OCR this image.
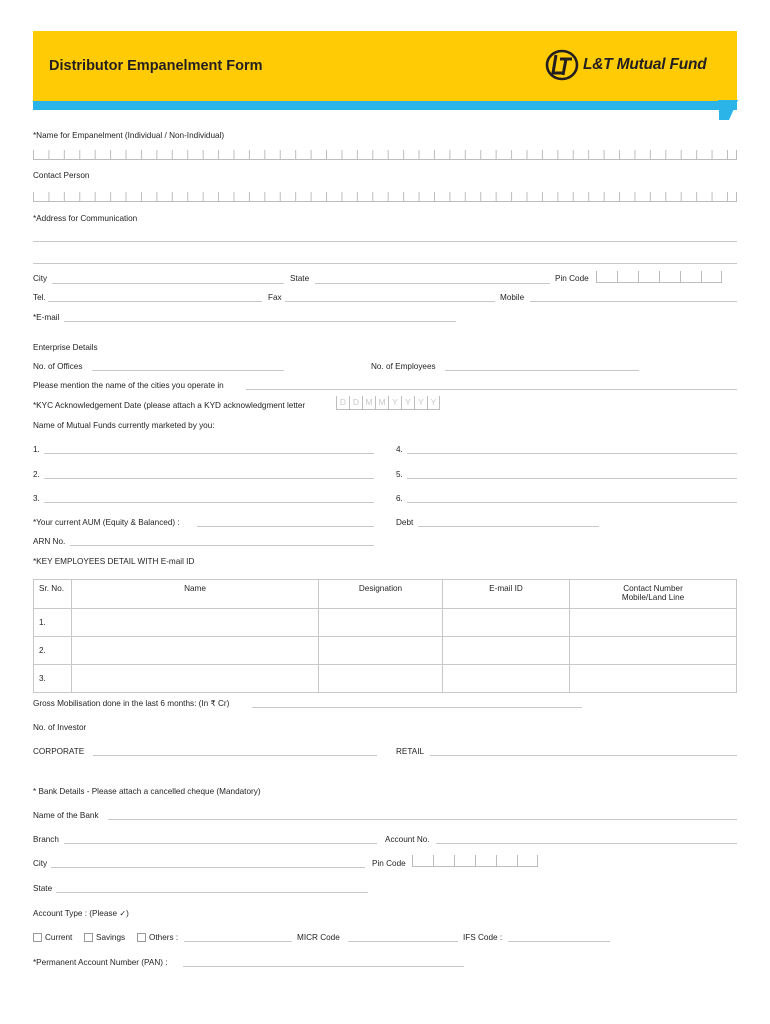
Distributor Empanelment Form	L&T Mutual Fund
*Name for Empanelment (Individual / Non-Individual)
Contact Person
*Address for Communication
City	State	Pin Code
Tel.	Fax	Mobile
*E-mail
Enterprise Details
No. of Offices	No. of Employees
Please mention the name of the cities you operate in
*KYC Acknowledgement Date (please attach a KYD acknowledgment letter	D D M M Y Y Y Y
Name of Mutual Funds currently marketed by you:
1.	4.
2.	5.
3.	6.
*Your current AUM (Equity & Balanced) :	Debt
ARN No.
*KEY EMPLOYEES DETAIL WITH E-mail ID
Sr. No.	Name	Designation	E-mail ID	Contact Number
Mobile/Land Line
1.				
2.				
3.				
Gross Mobilisation done in the last 6 months: (In ₹ Cr)
No. of Investor
CORPORATE	RETAIL
* Bank Details - Please attach a cancelled cheque (Mandatory)
Name of the Bank
Branch	Account No.
City	Pin Code
State
Account Type : (Please ✓)
Current	Savings	Others :	MICR Code	IFS Code :
*Permanent Account Number (PAN) :
